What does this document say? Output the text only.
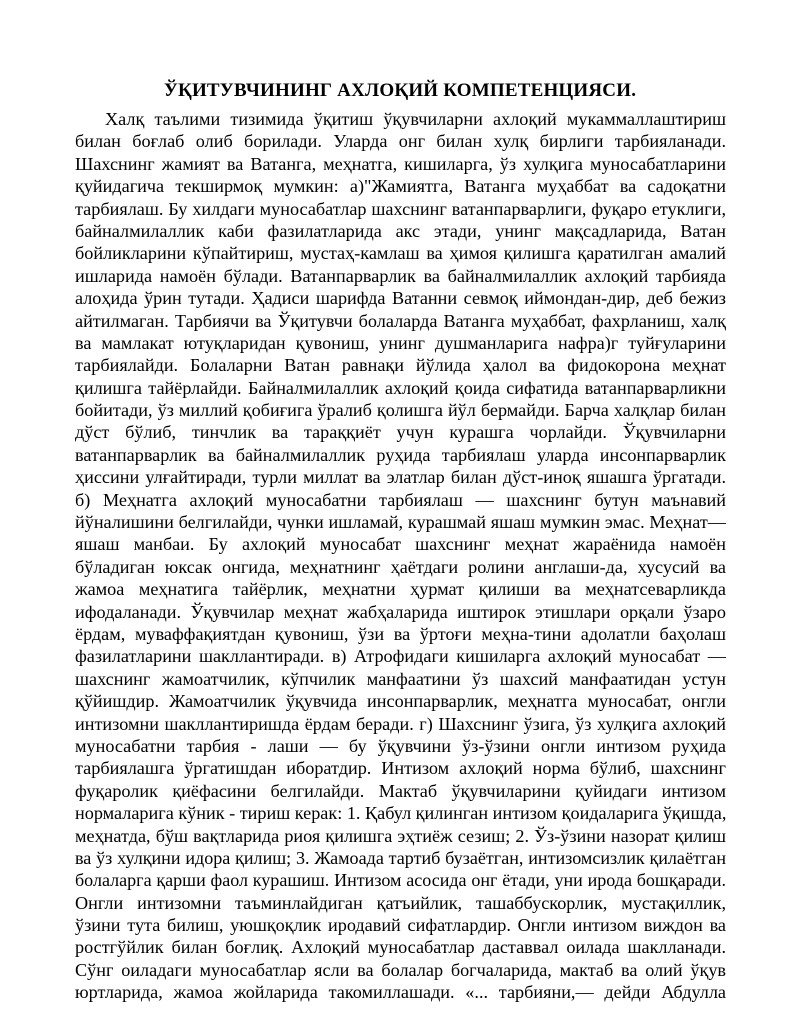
ЎҚИТУВЧИНИНГ АХЛОҚИЙ КОМПЕТЕНЦИЯСИ.
Халқ таълими тизимида ўқитиш ўқувчиларни ахлоқий мукаммаллаштириш
билан боғлаб олиб борилади. Уларда онг билан хулқ бирлиги тарбияланади.
Шахснинг жамият ва Ватанга, меҳнатга, кишиларга, ўз хулқига муносабатларини
қуйидагича текширмоқ мумкин: а)"Жамиятга, Ватанга муҳаббат ва садоқатни
тарбиялаш. Бу хилдаги муносабатлар шахснинг ватанпарварлиги, фуқаро етуклиги,
байналмилаллик каби фазилатларида акс этади, унинг мақсадларида, Ватан
бойликларини кўпайтириш, мустаҳ-камлаш ва ҳимоя қилишга қаратилган амалий
ишларида намоён бўлади. Ватанпарварлик ва байналмилаллик ахлоқий тарбияда
алоҳида ўрин тутади. Ҳадиси шарифда Ватанни севмоқ иймондан-дир, деб бежиз
айтилмаган. Тарбиячи ва Ўқитувчи болаларда Ватанга муҳаббат, фахрланиш, халқ
ва мамлакат ютуқларидан қувониш, унинг душманларига нафра)г туйғуларини
тарбиялайди. Болаларни Ватан равнақи йўлида ҳалол ва фидокорона меҳнат
қилишга тайёрлайди. Байналмилаллик ахлоқий қоида сифатида ватанпарварликни
бойитади, ўз миллий қобиғига ўралиб қолишга йўл бермайди. Барча халқлар билан
дўст бўлиб, тинчлик ва тараққиёт учун курашга чорлайди. Ўқувчиларни
ватанпарварлик ва байналмилаллик руҳида тарбиялаш уларда инсонпарварлик
ҳиссини улғайтиради, турли миллат ва элатлар билан дўст-иноқ яшашга ўргатади.
б) Меҳнатга ахлоқий муносабатни тарбиялаш — шахснинг бутун маънавий
йўналишини белгилайди, чунки ишламай, курашмай яшаш мумкин эмас. Меҳнат—
яшаш манбаи. Бу ахлоқий муносабат шахснинг меҳнат жараёнида намоён
бўладиган юксак онгида, меҳнатнинг ҳаётдаги ролини англаши-да, хусусий ва
жамоа меҳнатига тайёрлик, меҳнатни ҳурмат қилиши ва меҳнатсеварликда
ифодаланади. Ўқувчилар меҳнат жабҳаларида иштирок этишлари орқали ўзаро
ёрдам, муваффақиятдан қувониш, ўзи ва ўртоғи меҳна-тини адолатли баҳолаш
фазилатларини шакллантиради. в) Атрофидаги кишиларга ахлоқий муносабат —
шахснинг жамоатчилик, кўпчилик манфаатини ўз шахсий манфаатидан устун
қўйишдир. Жамоатчилик ўқувчида инсонпарварлик, меҳнатга муносабат, онгли
интизомни шакллантиришда ёрдам беради. г) Шахснинг ўзига, ўз хулқига ахлоқий
муносабатни тарбия - лаши — бу ўқувчини ўз-ўзини онгли интизом руҳида
тарбиялашга ўргатишдан иборатдир. Интизом ахлоқий норма бўлиб, шахснинг
фуқаролик қиёфасини белгилайди. Мактаб ўқувчиларини қуйидаги интизом
нормаларига кўник - тириш керак: 1. Қабул қилинган интизом қоидаларига ўқишда,
меҳнатда, бўш вақтларида риоя қилишга эҳтиёж сезиш; 2. Ўз-ўзини назорат қилиш
ва ўз хулқини идора қилиш; 3. Жамоада тартиб бузаётган, интизомсизлик қилаётган
болаларга қарши фаол курашиш. Интизом асосида онг ётади, уни ирода бошқаради.
Онгли интизомни таъминлайдиган қатъийлик, ташаббускорлик, мустақиллик,
ўзини тута билиш, уюшқоқлик иродавий сифатлардир. Онгли интизом виждон ва
ростгўйлик билан боғлиқ. Ахлоқий муносабатлар даставвал оилада шаклланади.
Сўнг оиладаги муносабатлар ясли ва болалар богчаларида, мактаб ва олий ўқув
юртларида, жамоа жойларида такомиллашади. «... тарбияни,— дейди Абдулла
